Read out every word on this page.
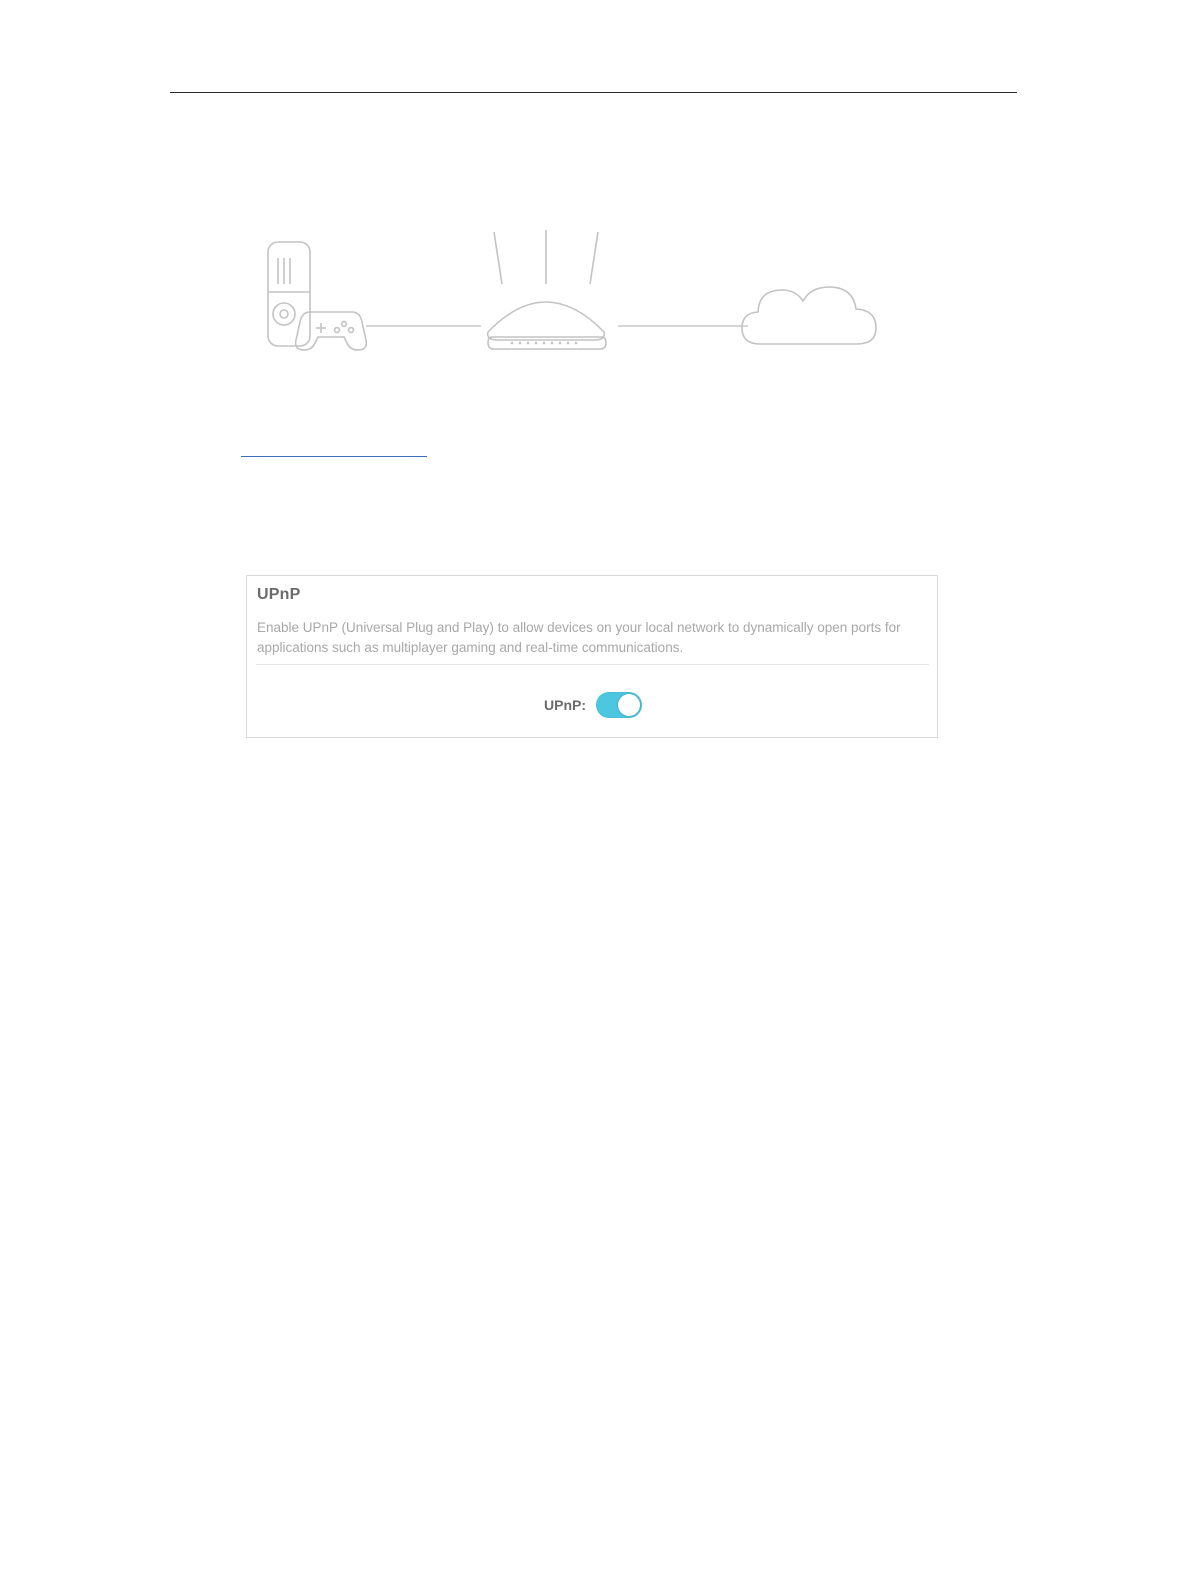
UPnP
Enable UPnP (Universal Plug and Play) to allow devices on your local network to dynamically open ports for applications such as multiplayer gaming and real-time communications.
UPnP:
